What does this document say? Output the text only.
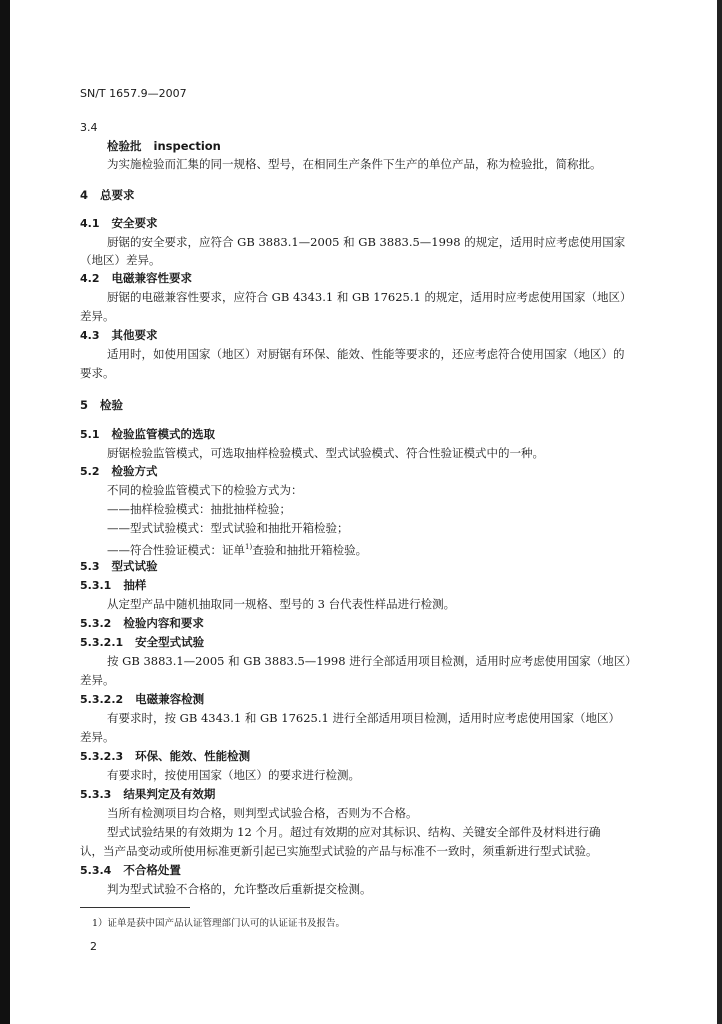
SN/T 1657.9—2007
3.4
检验批 inspection
为实施检验而汇集的同一规格、型号，在相同生产条件下生产的单位产品，称为检验批，简称批。
4 总要求
4.1 安全要求
厨锯的安全要求，应符合 GB 3883.1—2005 和 GB 3883.5—1998 的规定，适用时应考虑使用国家
（地区）差异。
4.2 电磁兼容性要求
厨锯的电磁兼容性要求，应符合 GB 4343.1 和 GB 17625.1 的规定，适用时应考虑使用国家（地区）
差异。
4.3 其他要求
适用时，如使用国家（地区）对厨锯有环保、能效、性能等要求的，还应考虑符合使用国家（地区）的
要求。
5 检验
5.1 检验监管模式的选取
厨锯检验监管模式，可选取抽样检验模式、型式试验模式、符合性验证模式中的一种。
5.2 检验方式
不同的检验监管模式下的检验方式为：
——抽样检验模式：抽批抽样检验；
——型式试验模式：型式试验和抽批开箱检验；
——符合性验证模式：证单$^{1)}$查验和抽批开箱检验。
5.3 型式试验
5.3.1 抽样
从定型产品中随机抽取同一规格、型号的 3 台代表性样品进行检测。
5.3.2 检验内容和要求
5.3.2.1 安全型式试验
按 GB 3883.1—2005 和 GB 3883.5—1998 进行全部适用项目检测，适用时应考虑使用国家（地区）
差异。
5.3.2.2 电磁兼容检测
有要求时，按 GB 4343.1 和 GB 17625.1 进行全部适用项目检测，适用时应考虑使用国家（地区）
差异。
5.3.2.3 环保、能效、性能检测
有要求时，按使用国家（地区）的要求进行检测。
5.3.3 结果判定及有效期
当所有检测项目均合格，则判型式试验合格，否则为不合格。
型式试验结果的有效期为 12 个月。超过有效期的应对其标识、结构、关键安全部件及材料进行确
认，当产品变动或所使用标准更新引起已实施型式试验的产品与标准不一致时，须重新进行型式试验。
5.3.4 不合格处置
判为型式试验不合格的，允许整改后重新提交检测。
1）证单是获中国产品认证管理部门认可的认证证书及报告。
2
